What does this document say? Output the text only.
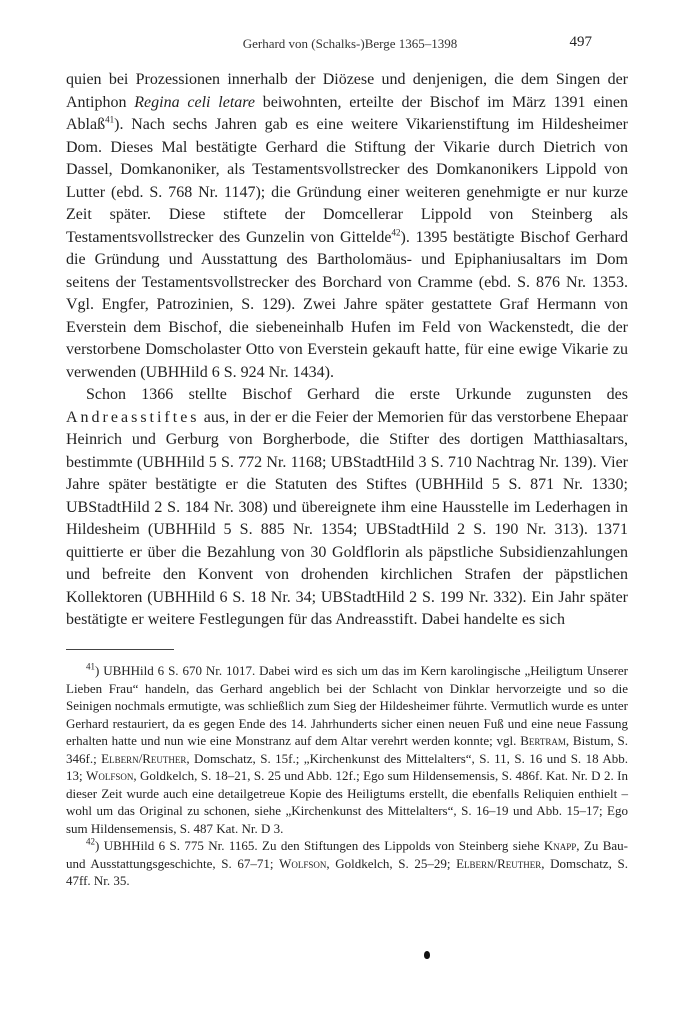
Gerhard von (Schalks-)Berge 1365–1398	497

quien bei Prozessionen innerhalb der Diözese und denjenigen, die dem Singen der Antiphon Regina celi letare beiwohnten, erteilte der Bischof im März 1391 einen Ablaß$^{41}$). Nach sechs Jahren gab es eine weitere Vikarienstiftung im Hildesheimer Dom. Dieses Mal bestätigte Gerhard die Stiftung der Vikarie durch Dietrich von Dassel, Domkanoniker, als Testamentsvollstrecker des Domkanonikers Lippold von Lutter (ebd. S. 768 Nr. 1147); die Gründung einer weiteren genehmigte er nur kurze Zeit später. Diese stiftete der Domcellerar Lippold von Steinberg als Testamentsvollstrecker des Gunzelin von Gittelde$^{42}$). 1395 bestätigte Bischof Gerhard die Gründung und Ausstattung des Bartholomäus- und Epiphaniusaltars im Dom seitens der Testamentsvollstrecker des Borchard von Cramme (ebd. S. 876 Nr. 1353. Vgl. Engfer, Patrozinien, S. 129). Zwei Jahre später gestattete Graf Hermann von Everstein dem Bischof, die siebeneinhalb Hufen im Feld von Wackenstedt, die der verstorbene Domscholaster Otto von Everstein gekauft hatte, für eine ewige Vikarie zu verwenden (UBHHild 6 S. 924 Nr. 1434).

Schon 1366 stellte Bischof Gerhard die erste Urkunde zugunsten des Andreasstiftes aus, in der er die Feier der Memorien für das verstorbene Ehepaar Heinrich und Gerburg von Borgherbode, die Stifter des dortigen Matthiasaltars, bestimmte (UBHHild 5 S. 772 Nr. 1168; UBStadtHild 3 S. 710 Nachtrag Nr. 139). Vier Jahre später bestätigte er die Statuten des Stiftes (UBHHild 5 S. 871 Nr. 1330; UBStadtHild 2 S. 184 Nr. 308) und übereignete ihm eine Hausstelle im Lederhagen in Hildesheim (UBHHild 5 S. 885 Nr. 1354; UBStadtHild 2 S. 190 Nr. 313). 1371 quittierte er über die Bezahlung von 30 Goldflorin als päpstliche Subsidienzahlungen und befreite den Konvent von drohenden kirchlichen Strafen der päpstlichen Kollektoren (UBHHild 6 S. 18 Nr. 34; UBStadtHild 2 S. 199 Nr. 332). Ein Jahr später bestätigte er weitere Festlegungen für das Andreasstift. Dabei handelte es sich

$^{41}$) UBHHild 6 S. 670 Nr. 1017. Dabei wird es sich um das im Kern karolingische „Heiligtum Unserer Lieben Frau“ handeln, das Gerhard angeblich bei der Schlacht von Dinklar hervorzeigte und so die Seinigen nochmals ermutigte, was schließlich zum Sieg der Hildesheimer führte. Vermutlich wurde es unter Gerhard restauriert, da es gegen Ende des 14. Jahrhunderts sicher einen neuen Fuß und eine neue Fassung erhalten hatte und nun wie eine Monstranz auf dem Altar verehrt werden konnte; vgl. Bertram, Bistum, S. 346f.; Elbern/Reuther, Domschatz, S. 15f.; „Kirchenkunst des Mittelalters“, S. 11, S. 16 und S. 18 Abb. 13; Wolfson, Goldkelch, S. 18–21, S. 25 und Abb. 12f.; Ego sum Hildensemensis, S. 486f. Kat. Nr. D 2. In dieser Zeit wurde auch eine detailgetreue Kopie des Heiligtums erstellt, die ebenfalls Reliquien enthielt – wohl um das Original zu schonen, siehe „Kirchenkunst des Mittelalters“, S. 16–19 und Abb. 15–17; Ego sum Hildensemensis, S. 487 Kat. Nr. D 3.

$^{42}$) UBHHild 6 S. 775 Nr. 1165. Zu den Stiftungen des Lippolds von Steinberg siehe Knapp, Zu Bau- und Ausstattungsgeschichte, S. 67–71; Wolfson, Goldkelch, S. 25–29; Elbern/Reuther, Domschatz, S. 47ff. Nr. 35.
